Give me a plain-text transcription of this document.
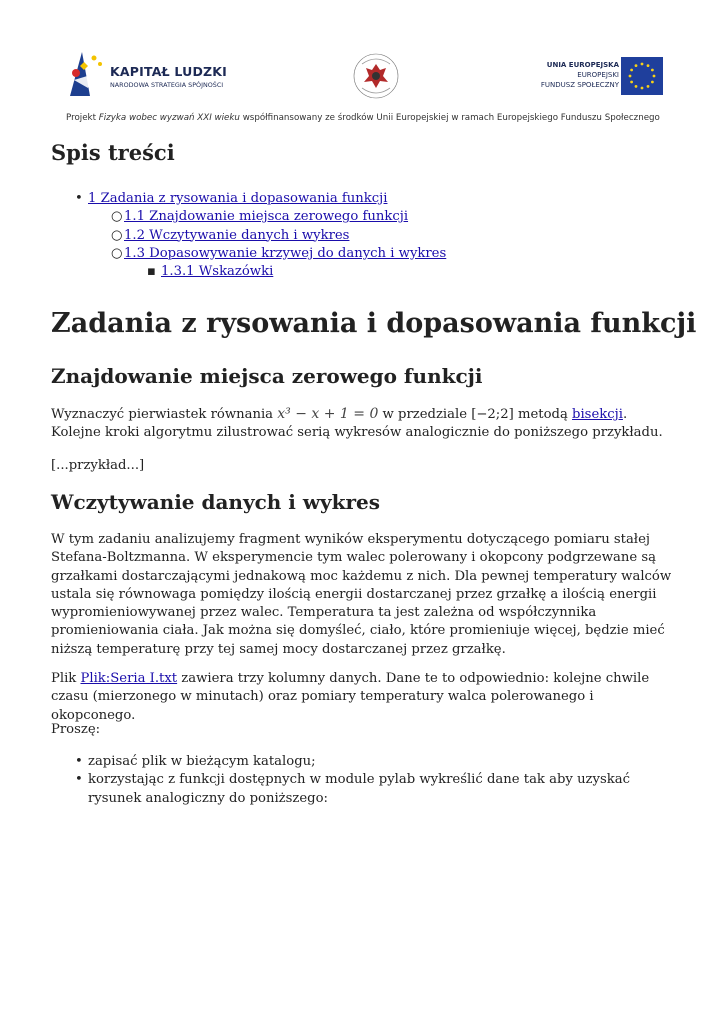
KAPITAŁ LUDZKI
NARODOWA STRATEGIA SPÓJNOŚCI
UNIA EUROPEJSKA
EUROPEJSKI
FUNDUSZ SPOŁECZNY
Projekt Fizyka wobec wyzwań XXI wieku współfinansowany ze środków Unii Europejskiej w ramach Europejskiego Funduszu Społecznego
Spis treści
• 1 Zadania z rysowania i dopasowania funkcji
○ 1.1 Znajdowanie miejsca zerowego funkcji
○ 1.2 Wczytywanie danych i wykres
○ 1.3 Dopasowywanie krzywej do danych i wykres
▪ 1.3.1 Wskazówki
Zadania z rysowania i dopasowania funkcji
Znajdowanie miejsca zerowego funkcji

Wyznaczyć pierwiastek równania x³ − x + 1 = 0 w przedziale [−2;2] metodą bisekcji. Kolejne kroki algorytmu zilustrować serią wykresów analogicznie do poniższego przykładu.

[...przykład...]

Wczytywanie danych i wykres

W tym zadaniu analizujemy fragment wyników eksperymentu dotyczącego pomiaru stałej Stefana-Boltzmanna. W eksperymencie tym walec polerowany i okopcony podgrzewane są grzałkami dostarczającymi jednakową moc każdemu z nich. Dla pewnej temperatury walców ustala się równowaga pomiędzy ilością energii dostarczanej przez grzałkę a ilością energii wypromieniowywanej przez walec. Temperatura ta jest zależna od współczynnika promieniowania ciała. Jak można się domyśleć, ciało, które promieniuje więcej, będzie mieć niższą temperaturę przy tej samej mocy dostarczanej przez grzałkę.

Plik Plik:Seria I.txt zawiera trzy kolumny danych. Dane te to odpowiednio: kolejne chwile czasu (mierzonego w minutach) oraz pomiary temperatury walca polerowanego i okopconego.

Proszę:

• zapisać plik w bieżącym katalogu;
• korzystając z funkcji dostępnych w module pylab wykreślić dane tak aby uzyskać rysunek analogiczny do poniższego:
